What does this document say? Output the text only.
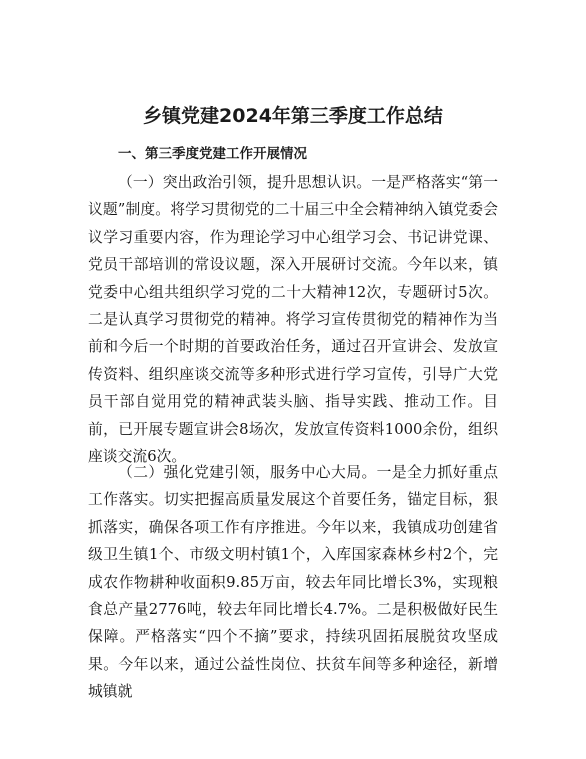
乡镇党建2024年第三季度工作总结
一、第三季度党建工作开展情况

（一）突出政治引领，提升思想认识。一是严格落实“第一议题”制度。将学习贯彻党的二十届三中全会精神纳入镇党委会议学习重要内容，作为理论学习中心组学习会、书记讲党课、党员干部培训的常设议题，深入开展研讨交流。今年以来，镇党委中心组共组织学习党的二十大精神12次，专题研讨5次。二是认真学习贯彻党的精神。将学习宣传贯彻党的精神作为当前和今后一个时期的首要政治任务，通过召开宣讲会、发放宣传资料、组织座谈交流等多种形式进行学习宣传，引导广大党员干部自觉用党的精神武装头脑、指导实践、推动工作。目前，已开展专题宣讲会8场次，发放宣传资料1000余份，组织座谈交流6次。

（二）强化党建引领，服务中心大局。一是全力抓好重点工作落实。切实把握高质量发展这个首要任务，锚定目标，狠抓落实，确保各项工作有序推进。今年以来，我镇成功创建省级卫生镇1个、市级文明村镇1个，入库国家森林乡村2个，完成农作物耕种收面积9.85万亩，较去年同比增长3%，实现粮食总产量2776吨，较去年同比增长4.7%。二是积极做好民生保障。严格落实“四个不摘”要求，持续巩固拓展脱贫攻坚成果。今年以来，通过公益性岗位、扶贫车间等多种途径，新增城镇就
